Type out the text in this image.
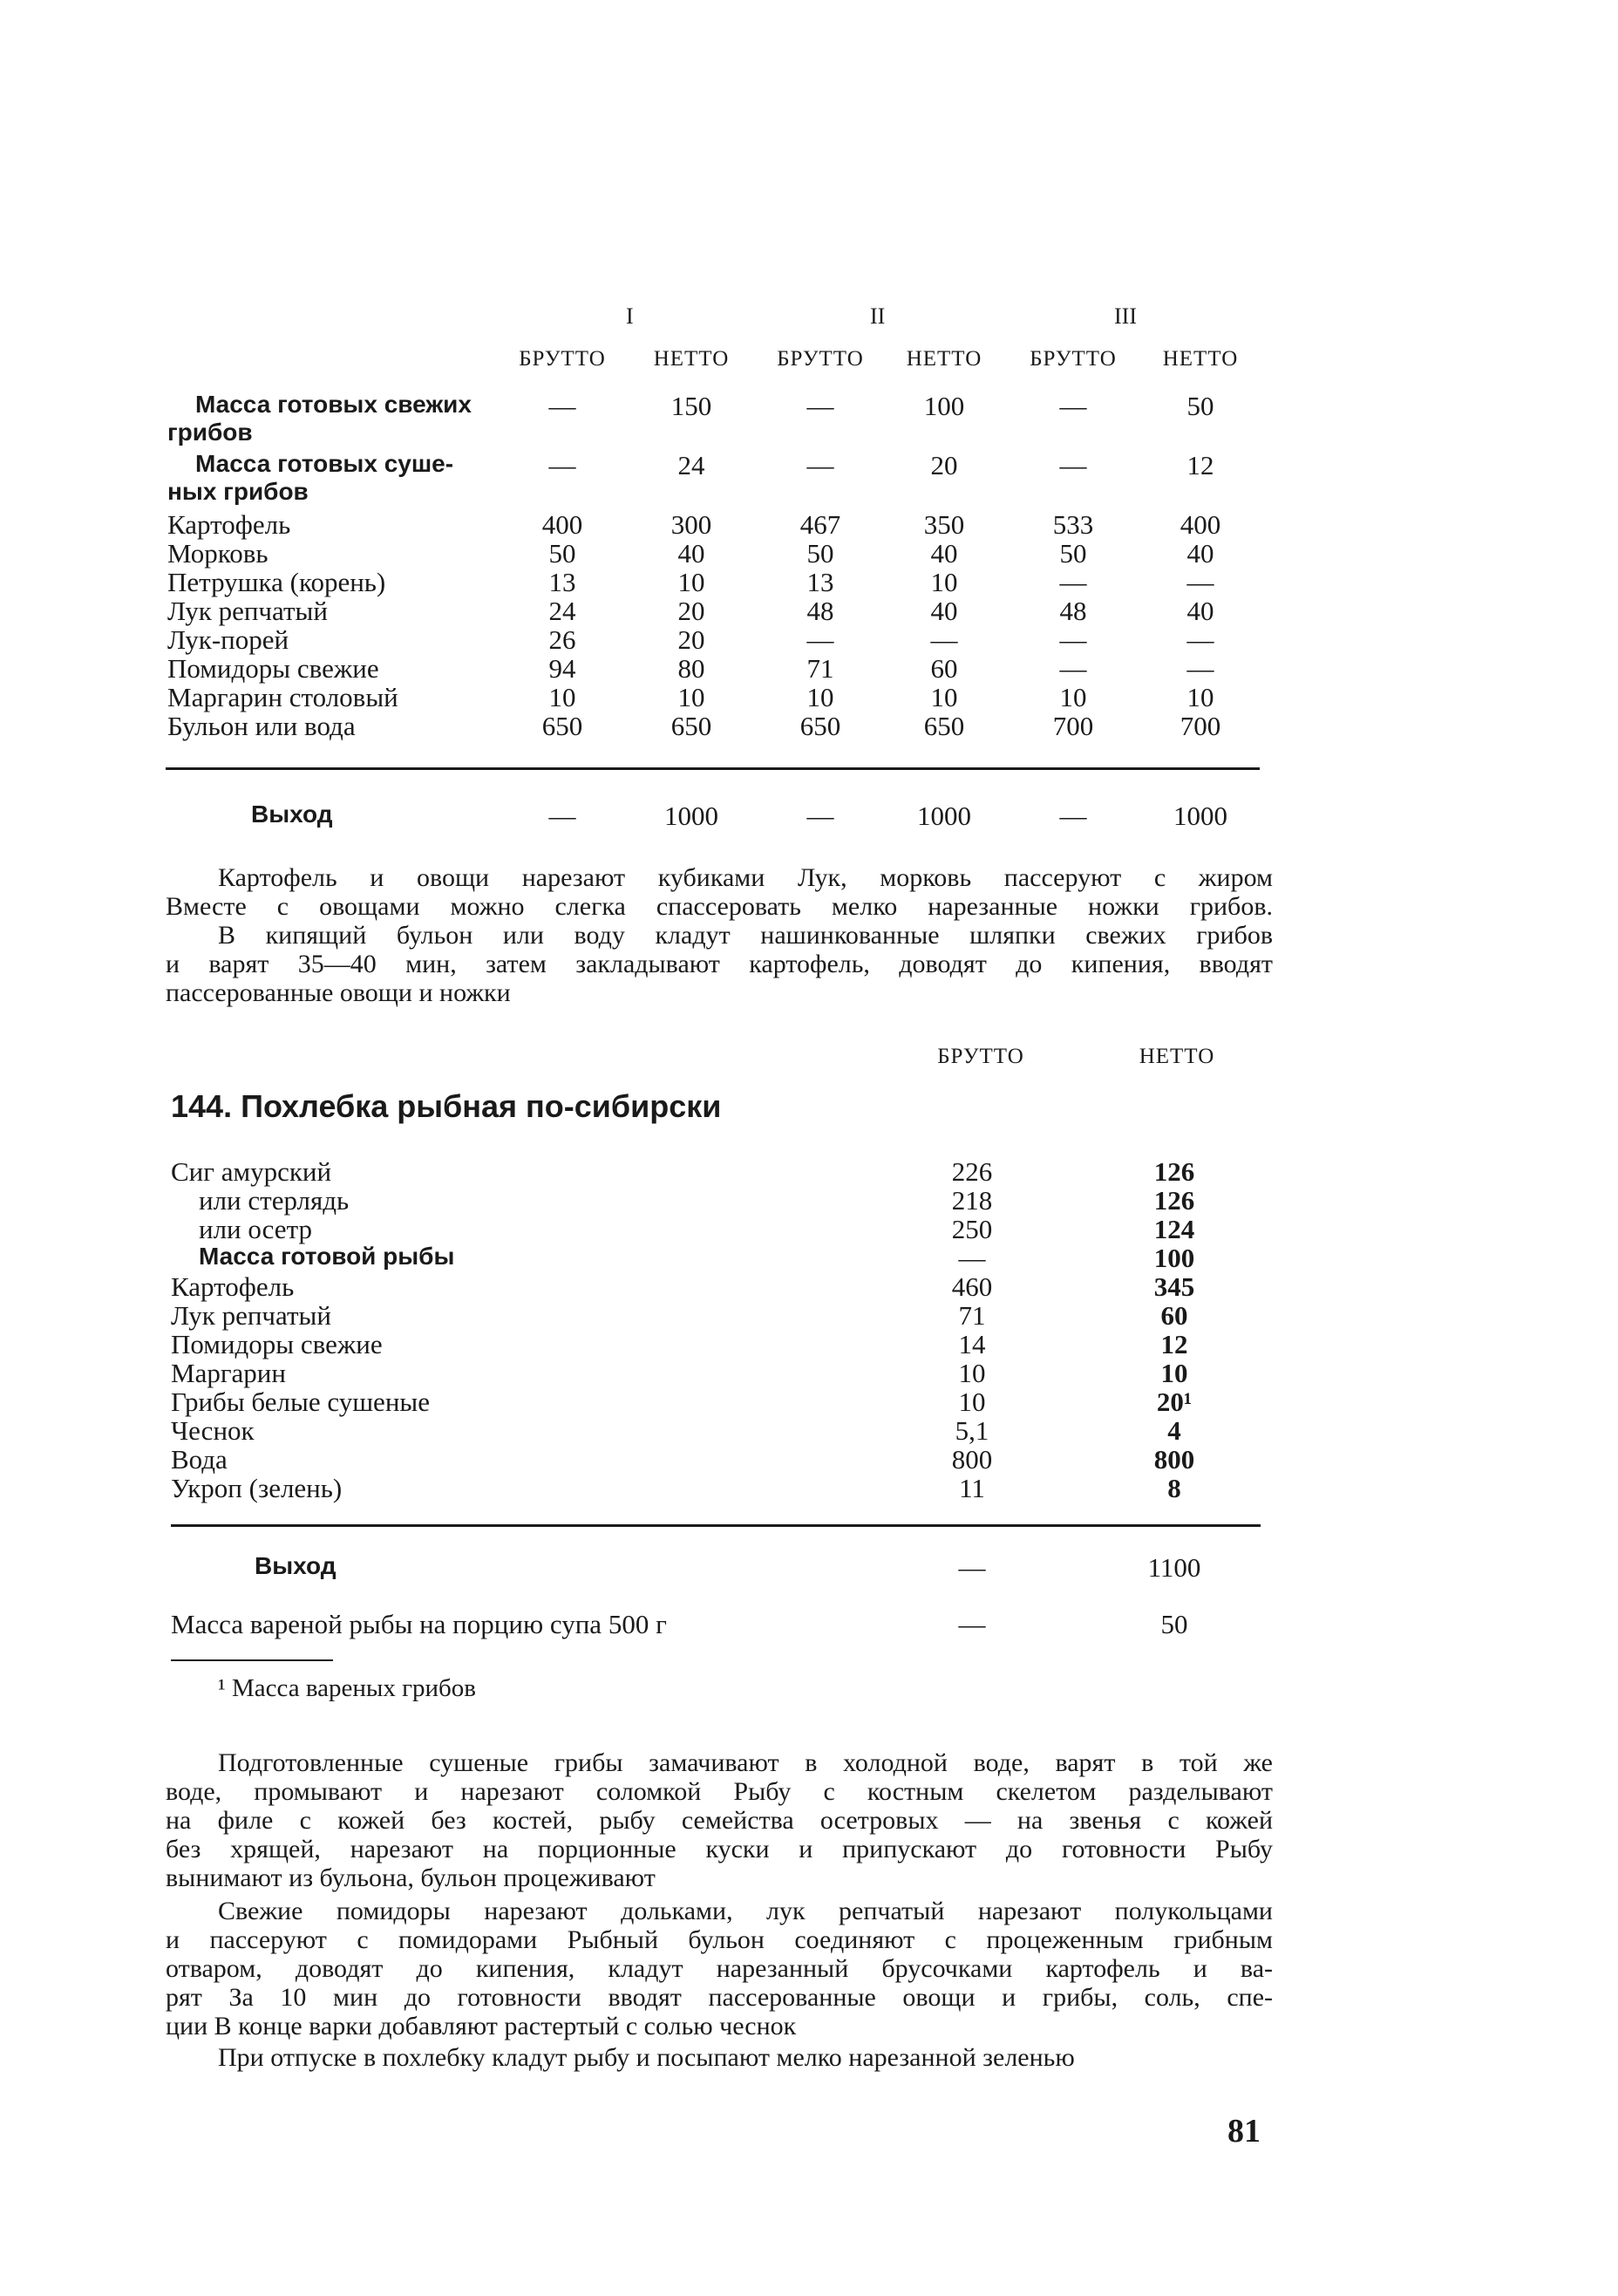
I	II	III
БРУТТО	НЕТТО	БРУТТО	НЕТТО	БРУТТО	НЕТТО
Масса готовых свежих
грибов
—	150	—	100	—	50
Масса готовых суше-
ных грибов
—	24	—	20	—	12
Картофель	400	300	467	350	533	400
Морковь	50	40	50	40	50	40
Петрушка (корень)	13	10	13	10	—	—
Лук репчатый	24	20	48	40	48	40
Лук-порей	26	20	—	—	—	—
Помидоры свежие	94	80	71	60	—	—
Маргарин столовый	10	10	10	10	10	10
Бульон или вода	650	650	650	650	700	700
Выход	—	1000	—	1000	—	1000
Картофель и овощи нарезают кубиками Лук, морковь пассеруют с жиром
Вместе с овощами можно слегка спассеровать мелко нарезанные ножки грибов.
В кипящий бульон или воду кладут нашинкованные шляпки свежих грибов
и варят 35—40 мин, затем закладывают картофель, доводят до кипения, вводят
пассерованные овощи и ножки
БРУТТО	НЕТТО
144. Похлебка рыбная по-сибирски
Сиг амурский	226	126
или стерлядь	218	126
или осетр	250	124
Масса готовой рыбы	—	100
Картофель	460	345
Лук репчатый	71	60
Помидоры свежие	14	12
Маргарин	10	10
Грибы белые сушеные	10	20¹
Чеснок	5,1	4
Вода	800	800
Укроп (зелень)	11	8
Выход	—	1100
Масса вареной рыбы на порцию супа 500 г	—	50
¹ Масса вареных грибов
Подготовленные сушеные грибы замачивают в холодной воде, варят в той же
воде, промывают и нарезают соломкой Рыбу с костным скелетом разделывают
на филе с кожей без костей, рыбу семейства осетровых — на звенья с кожей
без хрящей, нарезают на порционные куски и припускают до готовности Рыбу
вынимают из бульона, бульон процеживают
Свежие помидоры нарезают дольками, лук репчатый нарезают полукольцами
и пассеруют с помидорами Рыбный бульон соединяют с процеженным грибным
отваром, доводят до кипения, кладут нарезанный брусочками картофель и ва-
рят За 10 мин до готовности вводят пассерованные овощи и грибы, соль, спе-
ции В конце варки добавляют растертый с солью чеснок
При отпуске в похлебку кладут рыбу и посыпают мелко нарезанной зеленью
81
